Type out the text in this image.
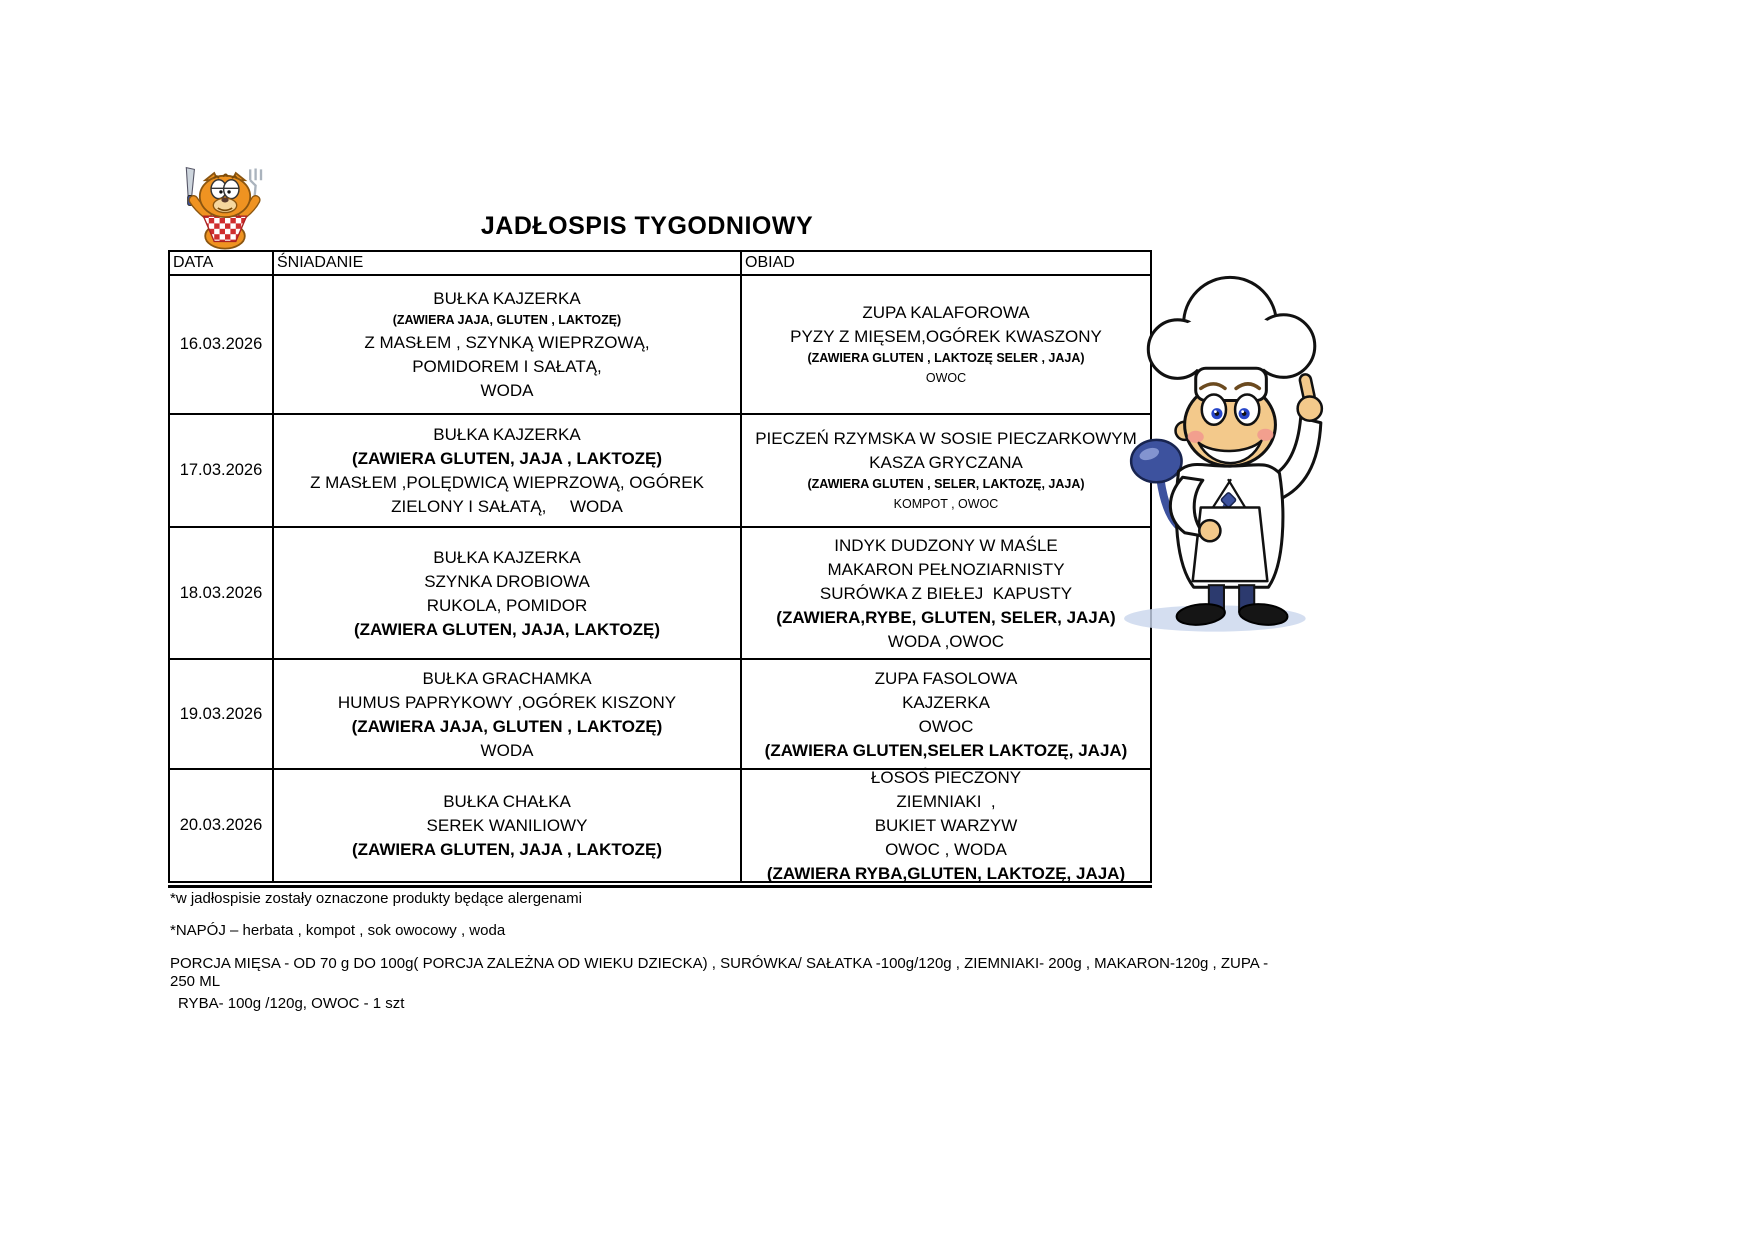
JADŁOSPIS TYGODNIOWY
DATA	ŚNIADANIE	OBIAD
16.03.2026
BUŁKA KAJZERKA
(ZAWIERA JAJA, GLUTEN , LAKTOZĘ)
Z MASŁEM , SZYNKĄ WIEPRZOWĄ,
POMIDOREM I SAŁATĄ,
WODA
ZUPA KALAFOROWA
PYZY Z MIĘSEM,OGÓREK KWASZONY
(ZAWIERA GLUTEN , LAKTOZĘ SELER , JAJA)
OWOC
17.03.2026
BUŁKA KAJZERKA
(ZAWIERA GLUTEN, JAJA , LAKTOZĘ)
Z MASŁEM ,POLĘDWICĄ WIEPRZOWĄ, OGÓREK
ZIELONY I SAŁATĄ,     WODA
PIECZEŃ RZYMSKA W SOSIE PIECZARKOWYM
KASZA GRYCZANA
(ZAWIERA GLUTEN , SELER, LAKTOZĘ, JAJA)
KOMPOT , OWOC
18.03.2026
BUŁKA KAJZERKA
SZYNKA DROBIOWA
RUKOLA, POMIDOR
(ZAWIERA GLUTEN, JAJA, LAKTOZĘ)
INDYK DUDZONY W MAŚLE
MAKARON PEŁNOZIARNISTY
SURÓWKA Z BIEŁEJ  KAPUSTY
(ZAWIERA,RYBE, GLUTEN, SELER, JAJA)
WODA ,OWOC
19.03.2026
BUŁKA GRACHAMKA
HUMUS PAPRYKOWY ,OGÓREK KISZONY
(ZAWIERA JAJA, GLUTEN , LAKTOZĘ)
WODA
ZUPA FASOLOWA
KAJZERKA
OWOC
(ZAWIERA GLUTEN,SELER LAKTOZĘ, JAJA)
20.03.2026
BUŁKA CHAŁKA
SEREK WANILIOWY
(ZAWIERA GLUTEN, JAJA , LAKTOZĘ)
ŁOSOŚ PIECZONY
ZIEMNIAKI  ,
BUKIET WARZYW
OWOC , WODA
(ZAWIERA RYBA,GLUTEN, LAKTOZĘ, JAJA)

*w jadłospisie zostały oznaczone produkty będące alergenami

*NAPÓJ – herbata , kompot , sok owocowy , woda

PORCJA MIĘSA - OD 70 g DO 100g( PORCJA ZALEŻNA OD WIEKU DZIECKA) , SURÓWKA/ SAŁATKA -100g/120g , ZIEMNIAKI- 200g , MAKARON-120g , ZUPA - 250 ML

RYBA- 100g /120g, OWOC - 1 szt
